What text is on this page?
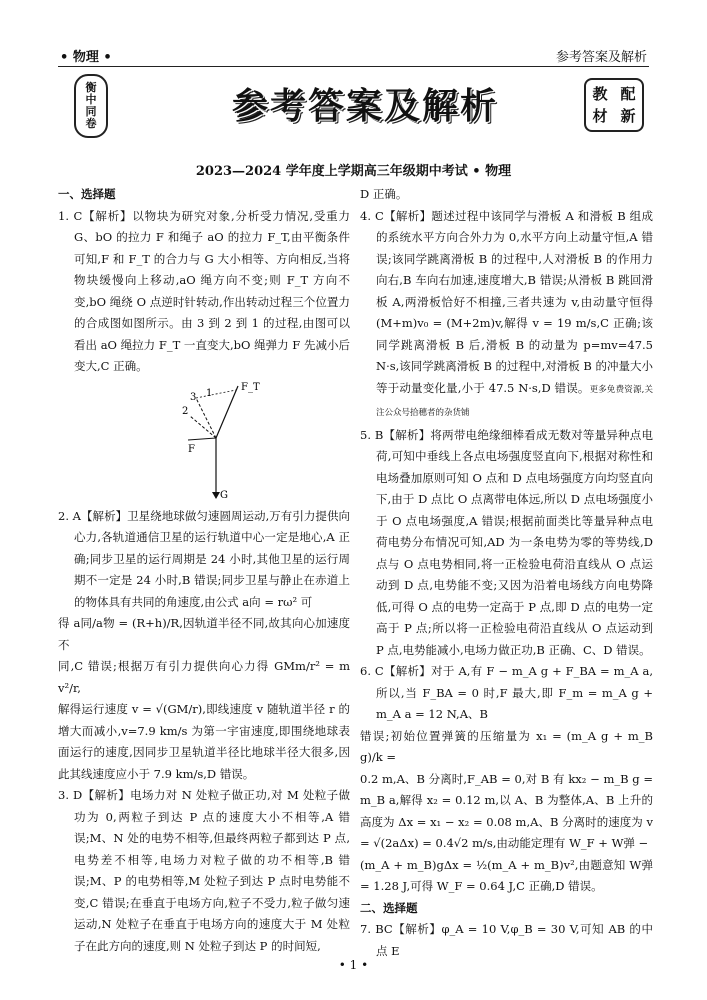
• 物理 •	参考答案及解析
衡
中
同
卷	参考答案及解析	教 配
材 新
2023—2024 学年度上学期高三年级期中考试 • 物理

一、选择题

1. C【解析】以物块为研究对象,分析受力情况,受重力 G、bO 的拉力 F 和绳子 aO 的拉力 F_T,由平衡条件可知,F 和 F_T 的合力与 G 大小相等、方向相反,当将物块缓慢向上移动,aO 绳方向不变;则 F_T 方向不变,bO 绳绕 O 点逆时针转动,作出转动过程三个位置力的合成图如图所示。由 3 到 2 到 1 的过程,由图可以看出 aO 绳拉力 F_T 一直变大,bO 绳弹力 F 先减小后变大,C 正确。

F_T
1
2
3
F
G

2. A【解析】卫星绕地球做匀速圆周运动,万有引力提供向心力,各轨道通信卫星的运行轨道中心一定是地心,A 正确;同步卫星的运行周期是 24 小时,其他卫星的运行周期不一定是 24 小时,B 错误;同步卫星与静止在赤道上的物体具有共同的角速度,由公式 a向 = rω² 可

得 a同/a物 = (R+h)/R,因轨道半径不同,故其向心加速度不

同,C 错误;根据万有引力提供向心力得 GMm/r² = m v²/r,

解得运行速度 v = √(GM/r),即线速度 v 随轨道半径 r 的增大而减小,v=7.9 km/s 为第一宇宙速度,即围绕地球表面运行的速度,因同步卫星轨道半径比地球半径大很多,因此其线速度应小于 7.9 km/s,D 错误。

3. D【解析】电场力对 N 处粒子做正功,对 M 处粒子做功为 0,两粒子到达 P 点的速度大小不相等,A 错误;M、N 处的电势不相等,但最终两粒子都到达 P 点,电势差不相等,电场力对粒子做的功不相等,B 错误;M、P 的电势相等,M 处粒子到达 P 点时电势能不变,C 错误;在垂直于电场方向,粒子不受力,粒子做匀速运动,N 处粒子在垂直于电场方向的速度大于 M 处粒子在此方向的速度,则 N 处粒子到达 P 的时间短,

D 正确。

4. C【解析】题述过程中该同学与滑板 A 和滑板 B 组成的系统水平方向合外力为 0,水平方向上动量守恒,A 错误;该同学跳离滑板 B 的过程中,人对滑板 B 的作用力向右,B 车向右加速,速度增大,B 错误;从滑板 B 跳回滑板 A,两滑板恰好不相撞,三者共速为 v,由动量守恒得 (M+m)v₀ = (M+2m)v,解得 v = 19 m/s,C 正确;该同学跳离滑板 B 后,滑板 B 的动量为 p=mv=47.5 N·s,该同学跳离滑板 B 的过程中,对滑板 B 的冲量大小等于动量变化量,小于 47.5 N·s,D 错误。更多免费资源,关注公众号拾穗者的杂货铺

5. B【解析】将两带电绝缘细棒看成无数对等量异种点电荷,可知中垂线上各点电场强度竖直向下,根据对称性和电场叠加原则可知 O 点和 D 点电场强度方向均竖直向下,由于 D 点比 O 点离带电体远,所以 D 点电场强度小于 O 点电场强度,A 错误;根据前面类比等量异种点电荷电势分布情况可知,AD 为一条电势为零的等势线,D 点与 O 点电势相同,将一正检验电荷沿直线从 O 点运动到 D 点,电势能不变;又因为沿着电场线方向电势降低,可得 O 点的电势一定高于 P 点,即 D 点的电势一定高于 P 点;所以将一正检验电荷沿直线从 O 点运动到 P 点,电势能减小,电场力做正功,B 正确、C、D 错误。

6. C【解析】对于 A,有 F − m_A g + F_BA = m_A a,所以,当 F_BA = 0 时,F 最大,即 F_m = m_A g + m_A a = 12 N,A、B

错误;初始位置弹簧的压缩量为 x₁ = (m_A g + m_B g)/k =

0.2 m,A、B 分离时,F_AB = 0,对 B 有 kx₂ − m_B g = m_B a,解得 x₂ = 0.12 m,以 A、B 为整体,A、B 上升的高度为 Δx = x₁ − x₂ = 0.08 m,A、B 分离时的速度为 v = √(2aΔx) = 0.4√2 m/s,由动能定理有 W_F + W弹 −

(m_A + m_B)gΔx = ½(m_A + m_B)v²,由题意知 W弹 = 1.28 J,可得 W_F = 0.64 J,C 正确,D 错误。

二、选择题

7. BC【解析】φ_A = 10 V,φ_B = 30 V,可知 AB 的中点 E

• 1 •
